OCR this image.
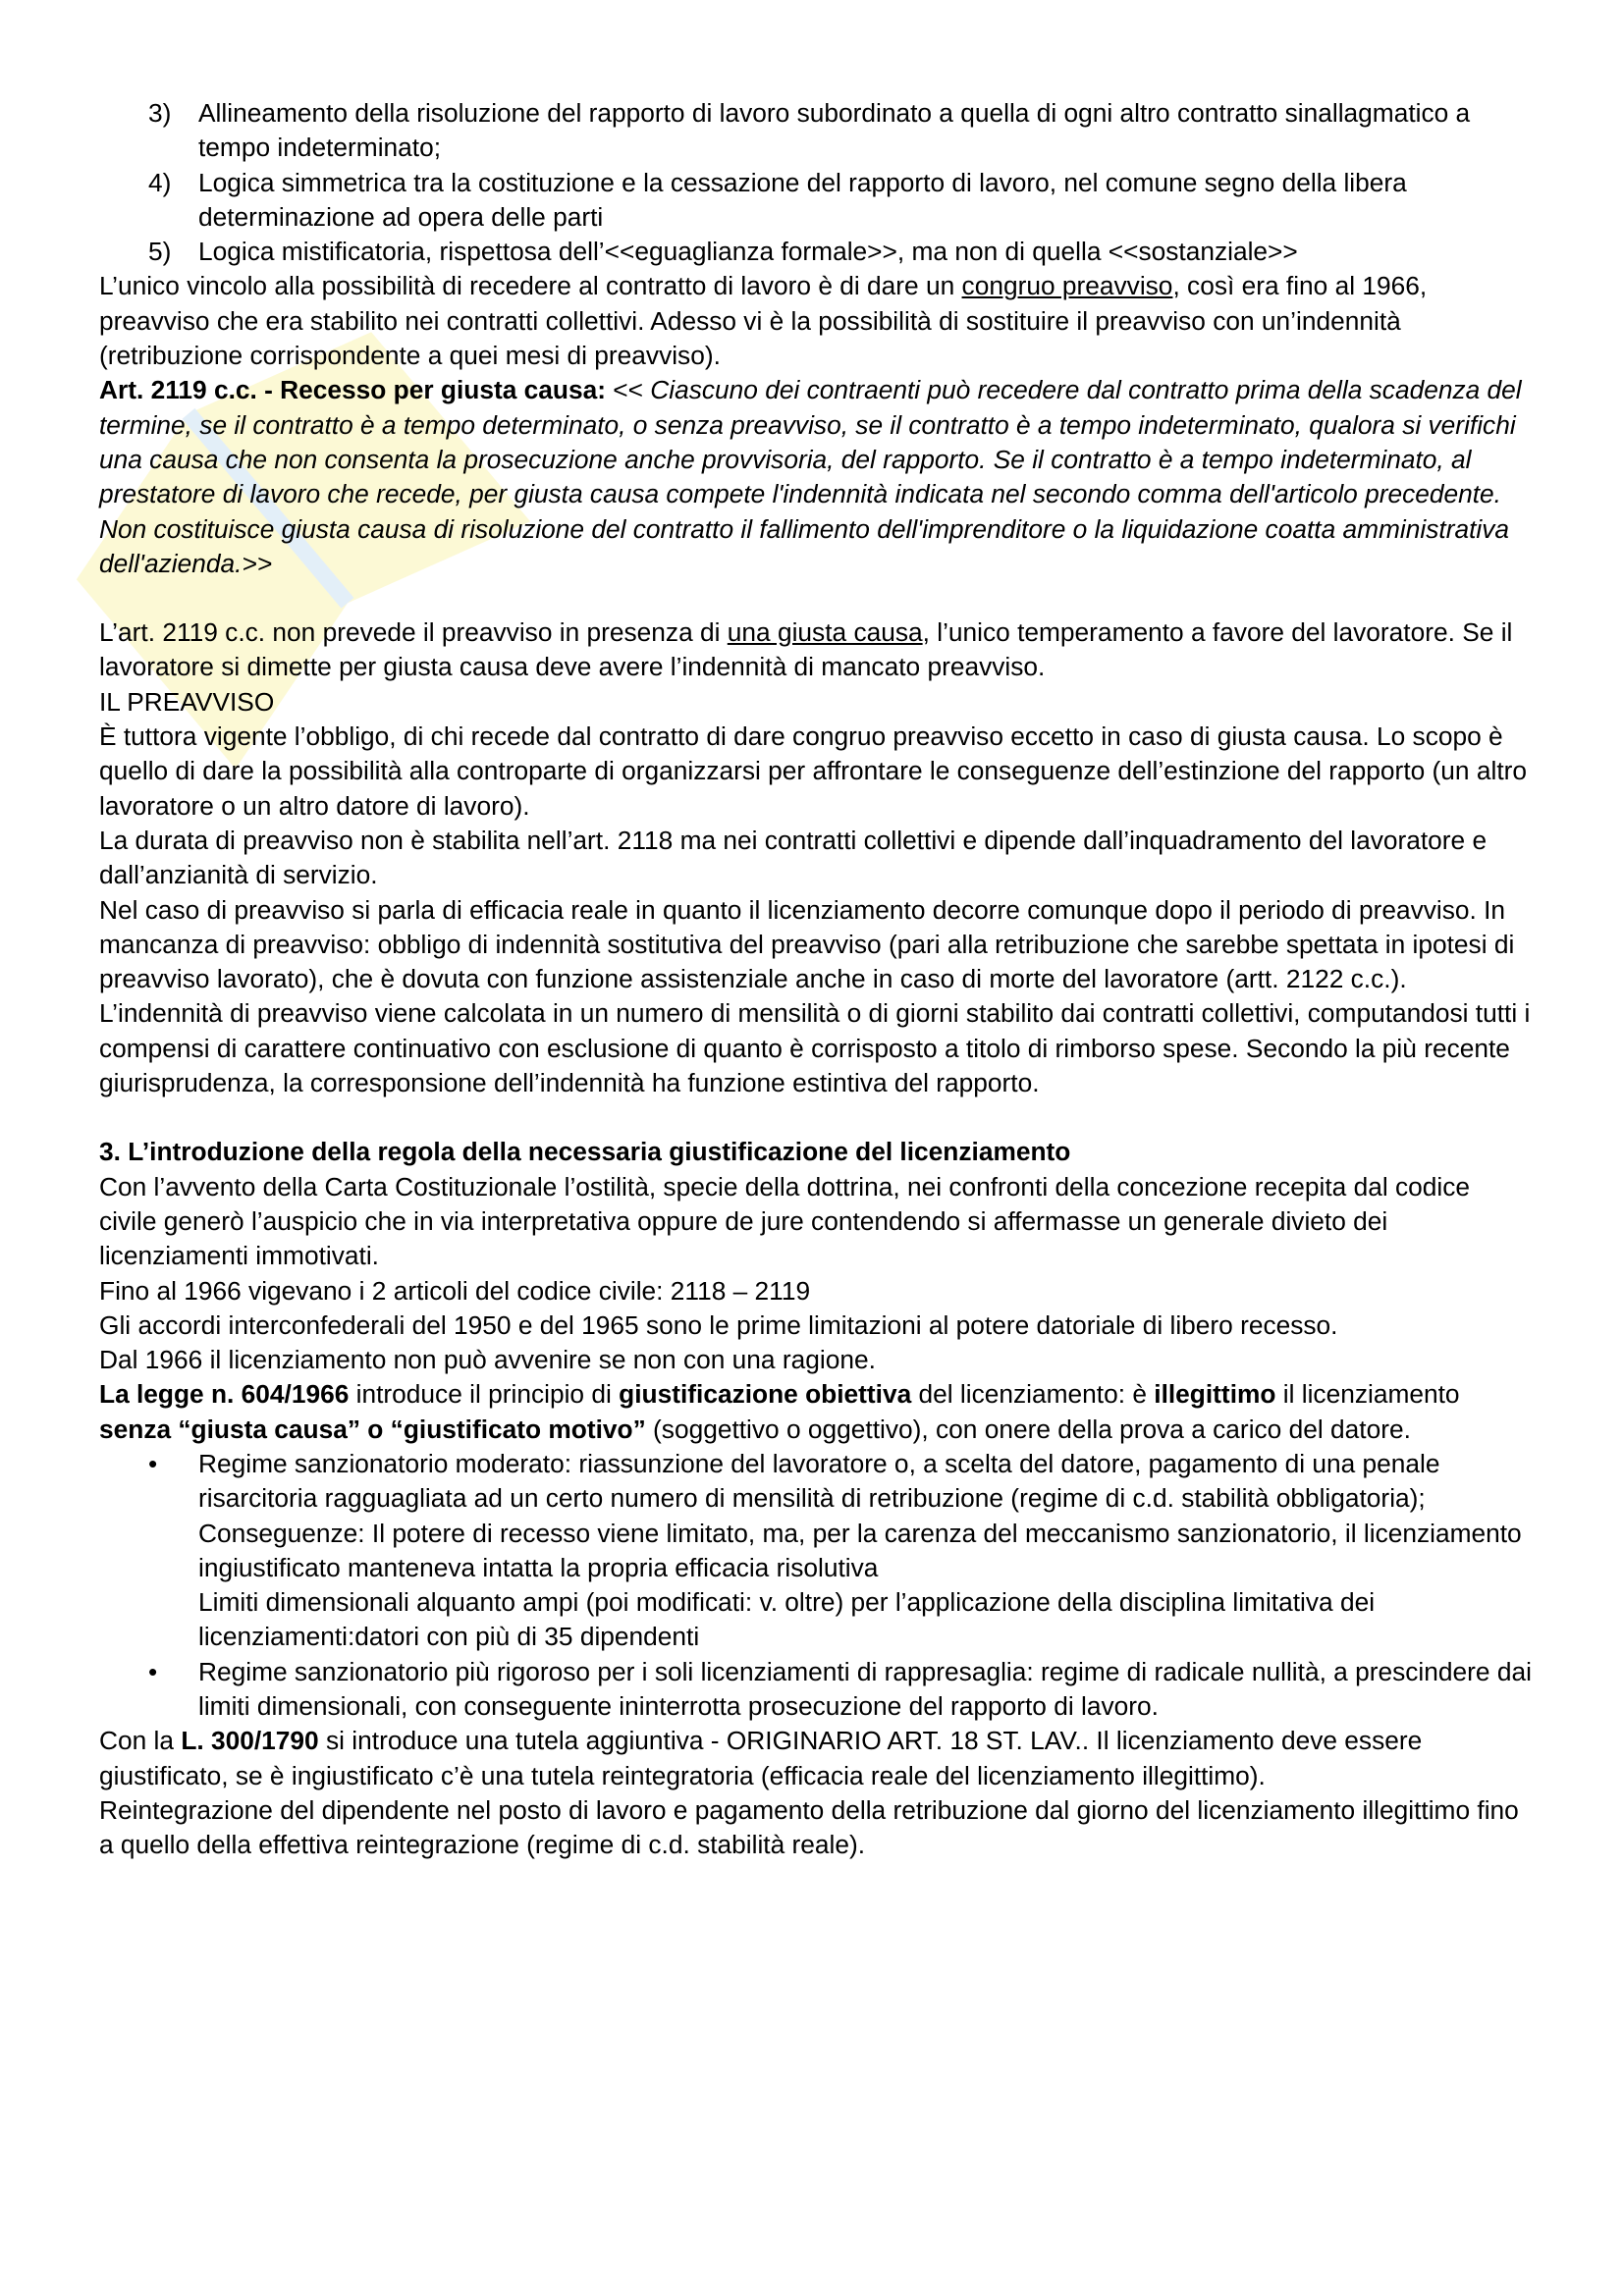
3) Allineamento della risoluzione del rapporto di lavoro subordinato a quella di ogni altro contratto sinallagmatico a tempo indeterminato;
4) Logica simmetrica tra la costituzione e la cessazione del rapporto di lavoro, nel comune segno della libera determinazione ad opera delle parti
5) Logica mistificatoria, rispettosa dell’<<eguaglianza formale>>, ma non di quella <<sostanziale>>

L’unico vincolo alla possibilità di recedere al contratto di lavoro è di dare un congruo preavviso, così era fino al 1966, preavviso che era stabilito nei contratti collettivi. Adesso vi è la possibilità di sostituire il preavviso con un’indennità (retribuzione corrispondente a quei mesi di preavviso).

Art. 2119 c.c. - Recesso per giusta causa: << Ciascuno dei contraenti può recedere dal contratto prima della scadenza del termine, se il contratto è a tempo determinato, o senza preavviso, se il contratto è a tempo indeterminato, qualora si verifichi una causa che non consenta la prosecuzione anche provvisoria, del rapporto. Se il contratto è a tempo indeterminato, al prestatore di lavoro che recede, per giusta causa compete l'indennità indicata nel secondo comma dell'articolo precedente.

Non costituisce giusta causa di risoluzione del contratto il fallimento dell'imprenditore o la liquidazione coatta amministrativa dell'azienda.>>

L’art. 2119 c.c. non prevede il preavviso in presenza di una giusta causa, l’unico temperamento a favore del lavoratore. Se il lavoratore si dimette per giusta causa deve avere l’indennità di mancato preavviso.

IL PREAVVISO

È tuttora vigente l’obbligo, di chi recede dal contratto di dare congruo preavviso eccetto in caso di giusta causa. Lo scopo è quello di dare la possibilità alla controparte di organizzarsi per affrontare le conseguenze dell’estinzione del rapporto (un altro lavoratore o un altro datore di lavoro).

La durata di preavviso non è stabilita nell’art. 2118 ma nei contratti collettivi e dipende dall’inquadramento del lavoratore e dall’anzianità di servizio.

Nel caso di preavviso si parla di efficacia reale in quanto il licenziamento decorre comunque dopo il periodo di preavviso. In mancanza di preavviso: obbligo di indennità sostitutiva del preavviso (pari alla retribuzione che sarebbe spettata in ipotesi di preavviso lavorato), che è dovuta con funzione assistenziale anche in caso di morte del lavoratore (artt. 2122 c.c.).

L’indennità di preavviso viene calcolata in un numero di mensilità o di giorni stabilito dai contratti collettivi, computandosi tutti i compensi di carattere continuativo con esclusione di quanto è corrisposto a titolo di rimborso spese. Secondo la più recente giurisprudenza, la corresponsione dell’indennità ha funzione estintiva del rapporto.

3. L’introduzione della regola della necessaria giustificazione del licenziamento

Con l’avvento della Carta Costituzionale l’ostilità, specie della dottrina, nei confronti della concezione recepita dal codice civile generò l’auspicio che in via interpretativa oppure de jure contendendo si affermasse un generale divieto dei licenziamenti immotivati.

Fino al 1966 vigevano i 2 articoli del codice civile: 2118 – 2119

Gli accordi interconfederali del 1950 e del 1965 sono le prime limitazioni al potere datoriale di libero recesso.

Dal 1966 il licenziamento non può avvenire se non con una ragione.

La legge n. 604/1966 introduce il principio di giustificazione obiettiva del licenziamento: è illegittimo il licenziamento senza “giusta causa” o “giustificato motivo” (soggettivo o oggettivo), con onere della prova a carico del datore.

• Regime sanzionatorio moderato: riassunzione del lavoratore o, a scelta del datore, pagamento di una penale risarcitoria ragguagliata ad un certo numero di mensilità di retribuzione (regime di c.d. stabilità obbligatoria);

Conseguenze: Il potere di recesso viene limitato, ma, per la carenza del meccanismo sanzionatorio, il licenziamento ingiustificato manteneva intatta la propria efficacia risolutiva

Limiti dimensionali alquanto ampi (poi modificati: v. oltre) per l’applicazione della disciplina limitativa dei licenziamenti:datori con più di 35 dipendenti

• Regime sanzionatorio più rigoroso per i soli licenziamenti di rappresaglia: regime di radicale nullità, a prescindere dai limiti dimensionali, con conseguente ininterrotta prosecuzione del rapporto di lavoro.

Con la L. 300/1790 si introduce una tutela aggiuntiva - ORIGINARIO ART. 18 ST. LAV.. Il licenziamento deve essere giustificato, se è ingiustificato c’è una tutela reintegratoria (efficacia reale del licenziamento illegittimo).

Reintegrazione del dipendente nel posto di lavoro e pagamento della retribuzione dal giorno del licenziamento illegittimo fino a quello della effettiva reintegrazione (regime di c.d. stabilità reale).
